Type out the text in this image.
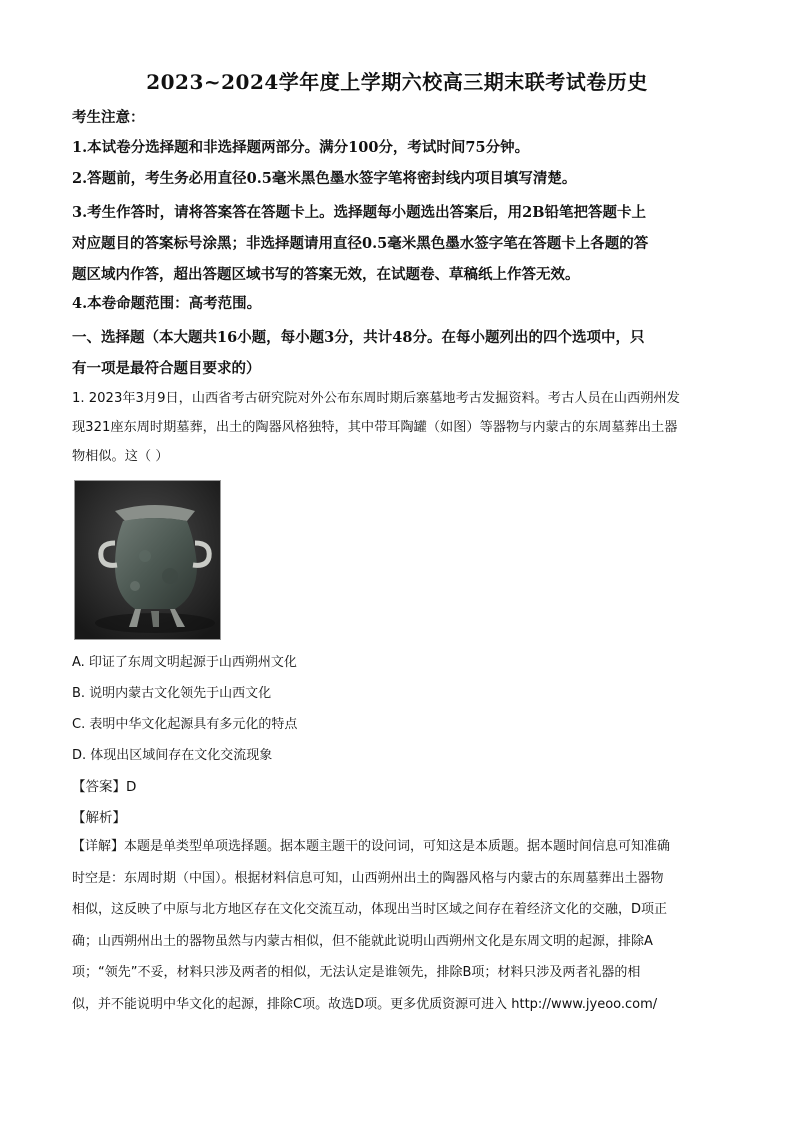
2023~2024学年度上学期六校高三期末联考试卷历史

考生注意：

1.本试卷分选择题和非选择题两部分。满分100分，考试时间75分钟。

2.答题前，考生务必用直径0.5毫米黑色墨水签字笔将密封线内项目填写清楚。

3.考生作答时，请将答案答在答题卡上。选择题每小题选出答案后，用2B铅笔把答题卡上

对应题目的答案标号涂黑；非选择题请用直径0.5毫米黑色墨水签字笔在答题卡上各题的答

题区域内作答，超出答题区域书写的答案无效，在试题卷、草稿纸上作答无效。

4.本卷命题范围：高考范围。

一、选择题（本大题共16小题，每小题3分，共计48分。在每小题列出的四个选项中，只

有一项是最符合题目要求的）

1. 2023年3月9日，山西省考古研究院对外公布东周时期后寨墓地考古发掘资料。考古人员在山西朔州发
现321座东周时期墓葬，出土的陶器风格独特，其中带耳陶罐（如图）等器物与内蒙古的东周墓葬出土器
物相似。这（ ）
A. 印证了东周文明起源于山西朔州文化
B. 说明内蒙古文化领先于山西文化
C. 表明中华文化起源具有多元化的特点
D. 体现出区域间存在文化交流现象
【答案】D
【解析】

【详解】本题是单类型单项选择题。据本题主题干的设问词，可知这是本质题。据本题时间信息可知准确

时空是：东周时期（中国）。根据材料信息可知，山西朔州出土的陶器风格与内蒙古的东周墓葬出土器物

相似，这反映了中原与北方地区存在文化交流互动，体现出当时区域之间存在着经济文化的交融，D项正

确；山西朔州出土的器物虽然与内蒙古相似，但不能就此说明山西朔州文化是东周文明的起源，排除A

项；“领先”不妥，材料只涉及两者的相似，无法认定是谁领先，排除B项；材料只涉及两者礼器的相

似，并不能说明中华文化的起源，排除C项。故选D项。更多优质资源可进入 http://www.jyeoo.com/
